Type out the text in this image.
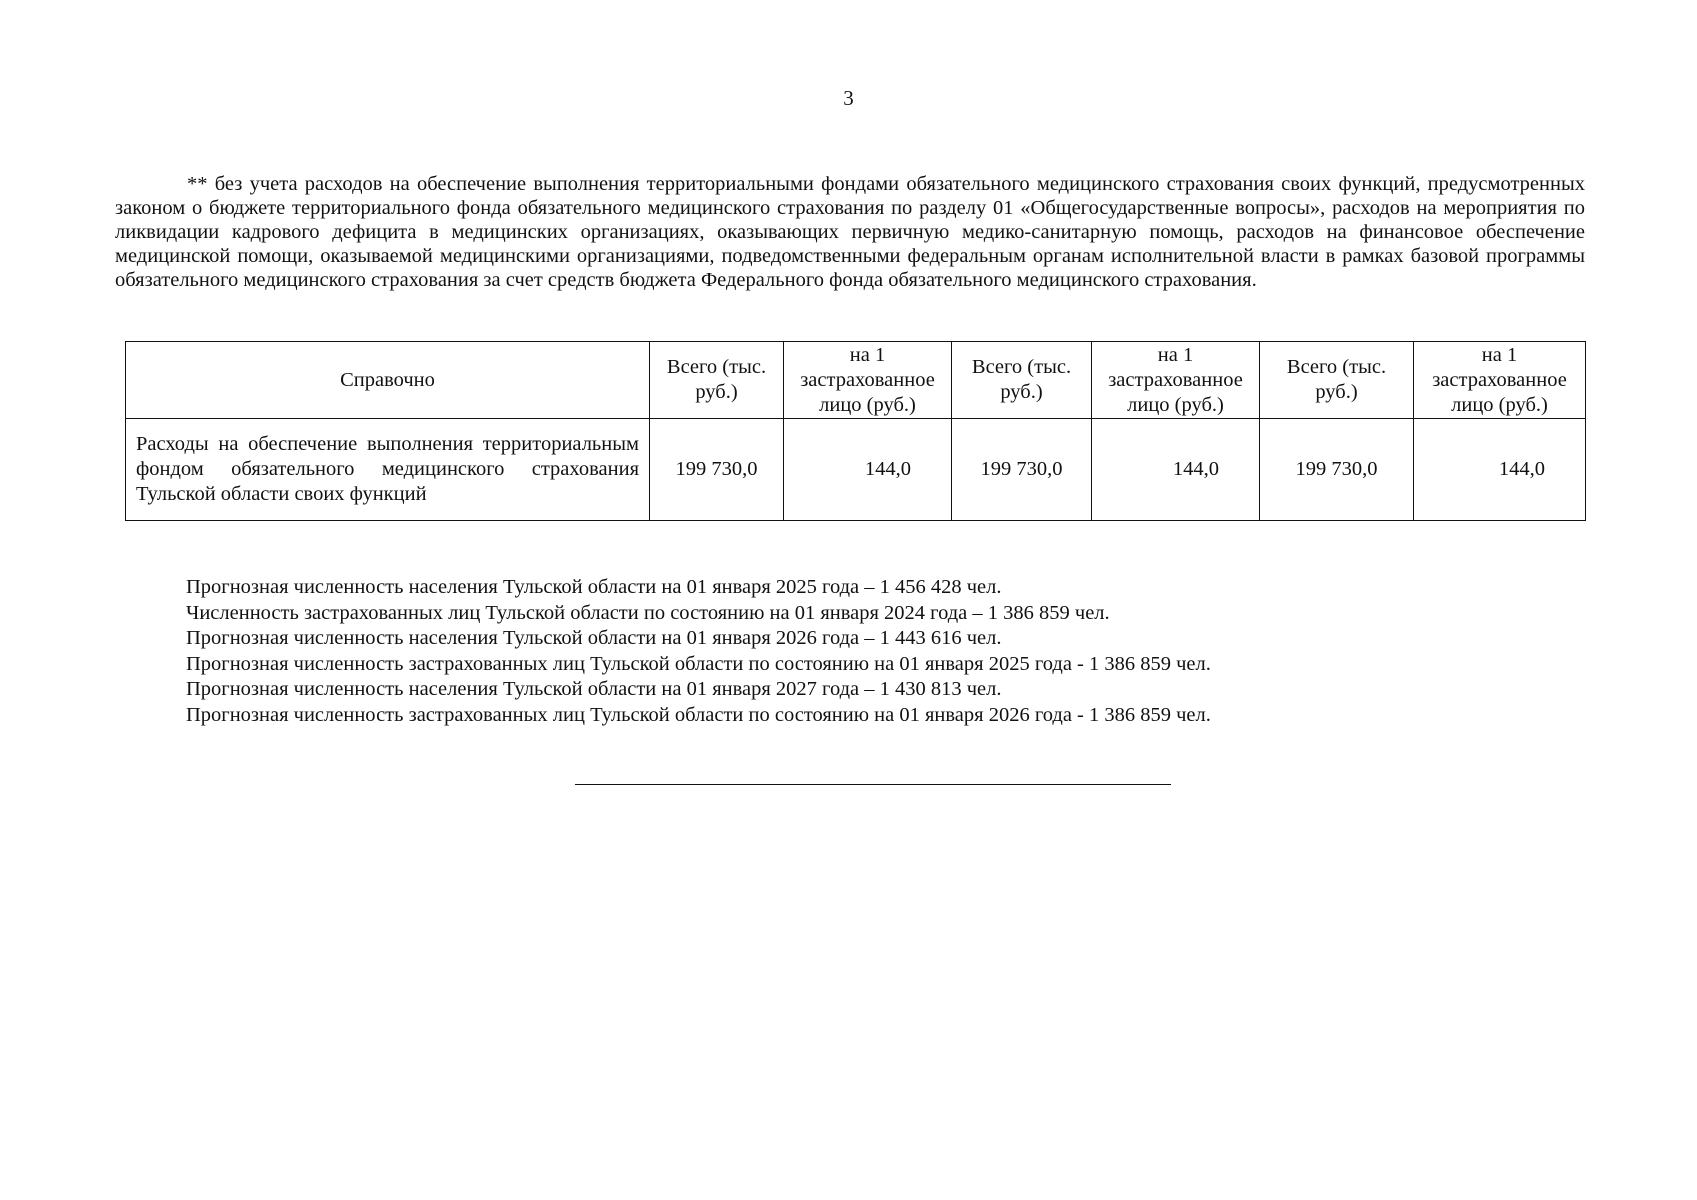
3

** без учета расходов на обеспечение выполнения территориальными фондами обязательного медицинского страхования своих функций, предусмотренных законом о бюджете территориального фонда обязательного медицинского страхования по разделу 01 «Общегосударственные вопросы», расходов на мероприятия по ликвидации кадрового дефицита в медицинских организациях, оказывающих первичную медико-санитарную помощь, расходов на финансовое обеспечение медицинской помощи, оказываемой медицинскими организациями, подведомственными федеральным органам исполнительной власти в рамках базовой программы обязательного медицинского страхования за счет средств бюджета Федерального фонда обязательного медицинского страхования.

Справочно	Всего (тыс. руб.)	на 1 застрахованное лицо (руб.)	Всего (тыс. руб.)	на 1 застрахованное лицо (руб.)	Всего (тыс. руб.)	на 1 застрахованное лицо (руб.)
Расходы на обеспечение выполнения территориальным фондом обязательного медицинского страхования Тульской области своих функций	199 730,0	144,0	199 730,0	144,0	199 730,0	144,0
Прогнозная численность населения Тульской области на 01 января 2025 года – 1 456 428 чел.
Численность застрахованных лиц Тульской области по состоянию на 01 января 2024 года – 1 386 859 чел.
Прогнозная численность населения Тульской области на 01 января 2026 года – 1 443 616 чел.
Прогнозная численность застрахованных лиц Тульской области по состоянию на 01 января 2025 года - 1 386 859 чел.
Прогнозная численность населения Тульской области на 01 января 2027 года – 1 430 813 чел.
Прогнозная численность застрахованных лиц Тульской области по состоянию на 01 января 2026 года - 1 386 859 чел.
